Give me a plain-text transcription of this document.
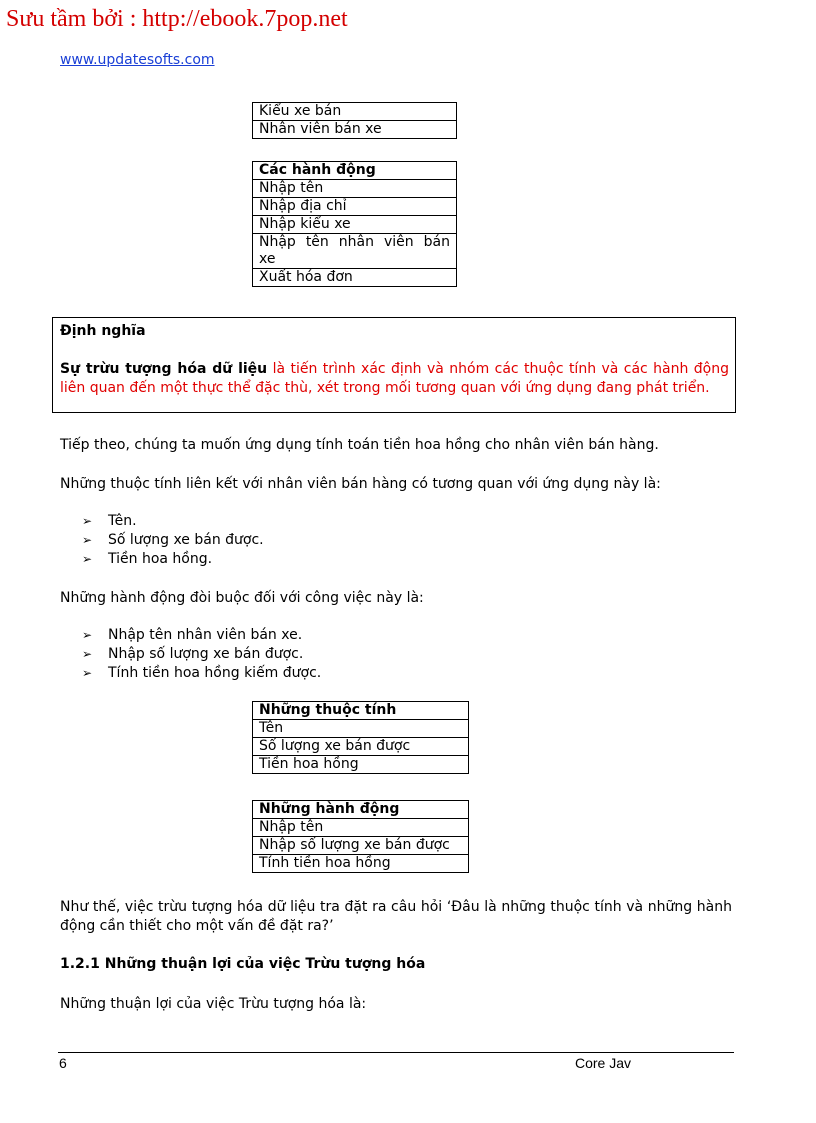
Sưu tầm bởi : http://ebook.7pop.net
www.updatesofts.com
Kiểu xe bán
Nhân viên bán xe
Các hành động
Nhập tên
Nhập địa chỉ
Nhập kiểu xe
Nhập tên nhân viên bán xe
Xuất hóa đơn
Định nghĩa
Sự trừu tượng hóa dữ liệu là tiến trình xác định và nhóm các thuộc tính và các hành động liên quan đến một thực thể đặc thù, xét trong mối tương quan với ứng dụng đang phát triển.
Tiếp theo, chúng ta muốn ứng dụng tính toán tiền hoa hồng cho nhân viên bán hàng.
Những thuộc tính liên kết với nhân viên bán hàng có tương quan với ứng dụng này là:
➢ Tên.
➢ Số lượng xe bán được.
➢ Tiền hoa hồng.
Những hành động đòi buộc đối với công việc này là:
➢ Nhập tên nhân viên bán xe.
➢ Nhập số lượng xe bán được.
➢ Tính tiền hoa hồng kiếm được.
Những thuộc tính
Tên
Số lượng xe bán được
Tiền hoa hồng
Những hành động
Nhập tên
Nhập số lượng xe bán được
Tính tiền hoa hồng
Như thế, việc trừu tượng hóa dữ liệu tra đặt ra câu hỏi ‘Đâu là những thuộc tính và những hành động cần thiết cho một vấn đề đặt ra?’
1.2.1 Những thuận lợi của việc Trừu tượng hóa
Những thuận lợi của việc Trừu tượng hóa là:
6	Core Jav
